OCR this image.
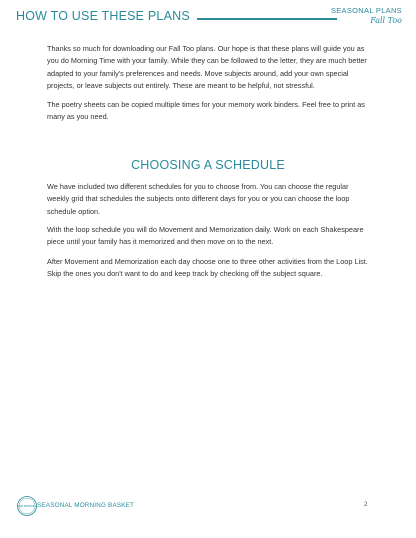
HOW TO USE THESE PLANS	SEASONAL PLANS
Fall Too

Thanks so much for downloading our Fall Too plans. Our hope is that these plans will guide you as you do Morning Time with your family. While they can be followed to the letter, they are much better adapted to your family's preferences and needs. Move subjects around, add your own special projects, or leave subjects out entirely. These are meant to be helpful, not stressful.

The poetry sheets can be copied multiple times for your memory work binders. Feel free to print as many as you need.

CHOOSING A SCHEDULE

We have included two different schedules for you to choose from. You can choose the regular weekly grid that schedules the subjects onto different days for you or you can choose the loop schedule option.

With the loop schedule you will do Movement and Memorization daily. Work on each Shakespeare piece until your family has it memorized and then move on to the next.

After Movement and Memorization each day choose one to three other activities from the Loop List. Skip the ones you don't want to do and keep track by checking off the subject square.

PAM BARNHILL SEASONAL MORNING BASKET	2
